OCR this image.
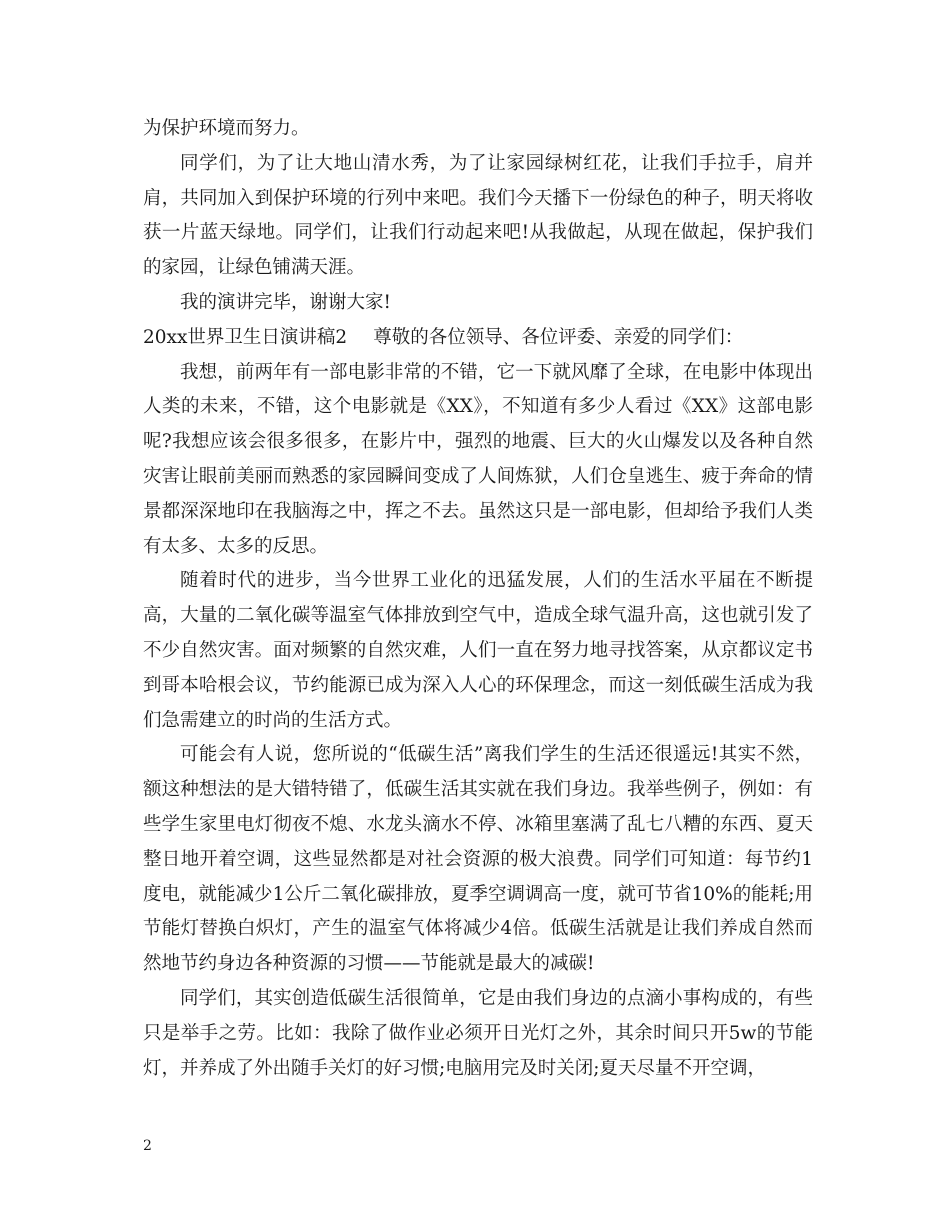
为保护环境而努力。

同学们，为了让大地山清水秀，为了让家园绿树红花，让我们手拉手，肩并肩，共同加入到保护环境的行列中来吧。我们今天播下一份绿色的种子，明天将收获一片蓝天绿地。同学们，让我们行动起来吧!从我做起，从现在做起，保护我们的家园，让绿色铺满天涯。

我的演讲完毕，谢谢大家!

20xx世界卫生日演讲稿2 尊敬的各位领导、各位评委、亲爱的同学们：

我想，前两年有一部电影非常的不错，它一下就风靡了全球，在电影中体现出人类的未来，不错，这个电影就是《XX》，不知道有多少人看过《XX》这部电影呢?我想应该会很多很多，在影片中，强烈的地震、巨大的火山爆发以及各种自然灾害让眼前美丽而熟悉的家园瞬间变成了人间炼狱，人们仓皇逃生、疲于奔命的情景都深深地印在我脑海之中，挥之不去。虽然这只是一部电影，但却给予我们人类有太多、太多的反思。

随着时代的进步，当今世界工业化的迅猛发展，人们的生活水平届在不断提高，大量的二氧化碳等温室气体排放到空气中，造成全球气温升高，这也就引发了不少自然灾害。面对频繁的自然灾难，人们一直在努力地寻找答案，从京都议定书到哥本哈根会议，节约能源已成为深入人心的环保理念，而这一刻低碳生活成为我们急需建立的时尚的生活方式。

可能会有人说，您所说的“低碳生活”离我们学生的生活还很遥远!其实不然，额这种想法的是大错特错了，低碳生活其实就在我们身边。我举些例子，例如：有些学生家里电灯彻夜不熄、水龙头滴水不停、冰箱里塞满了乱七八糟的东西、夏天整日地开着空调，这些显然都是对社会资源的极大浪费。同学们可知道：每节约1度电，就能减少1公斤二氧化碳排放，夏季空调调高一度，就可节省10%的能耗;用节能灯替换白炽灯，产生的温室气体将减少4倍。低碳生活就是让我们养成自然而然地节约身边各种资源的习惯——节能就是最大的减碳!

同学们，其实创造低碳生活很简单，它是由我们身边的点滴小事构成的，有些只是举手之劳。比如：我除了做作业必须开日光灯之外，其余时间只开5w的节能灯，并养成了外出随手关灯的好习惯;电脑用完及时关闭;夏天尽量不开空调，

2
